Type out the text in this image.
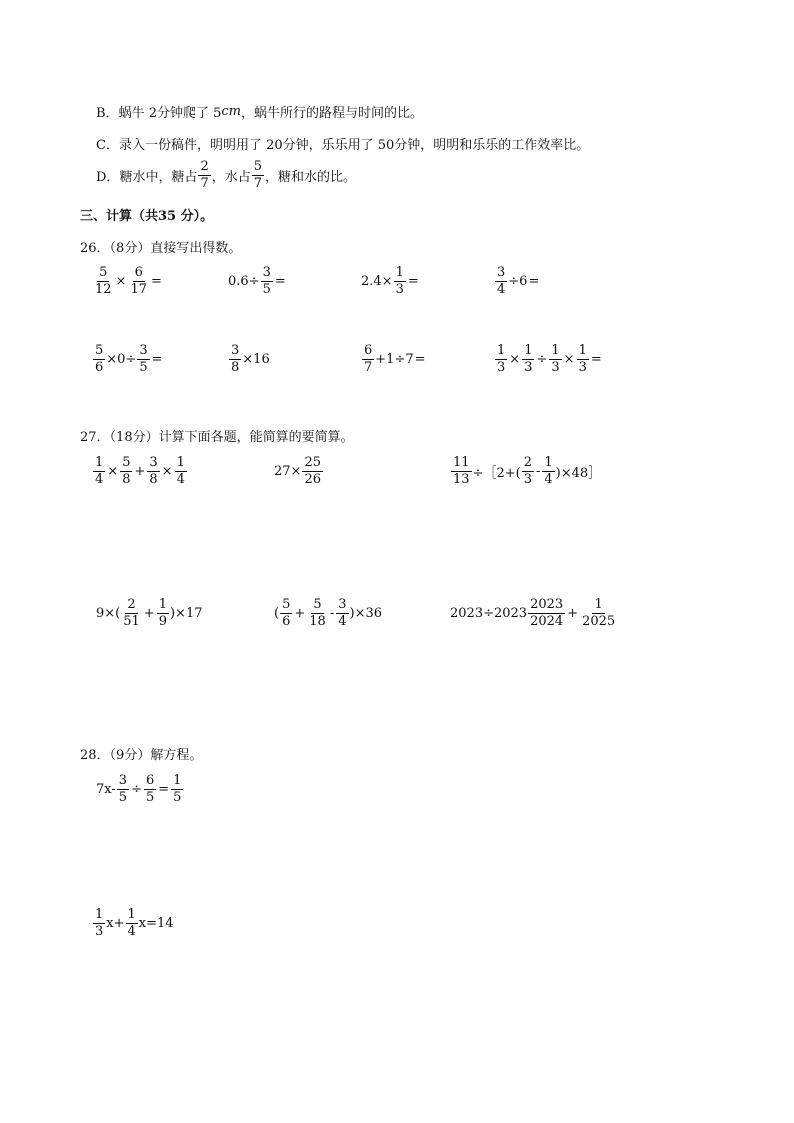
B． 蜗牛 2分钟爬了 5 cm ，蜗牛所行的路程与时间的比。
C． 录入一份稿件，明明用了 20分钟，乐乐用了 50分钟，明明和乐乐的工作效率比。
D． 糖水中，糖占 $\frac{2}{7}$ ，水占 $\frac{5}{7}$ ，糖和水的比。
三、计算（共35 分）。
26．（8分）直接写出得数。
$\frac{5}{12} \times \frac{6}{17}$ =	$0.6\div \frac{3}{5}$ =	$2.4\times \frac{1}{3}$ =	$\frac{3}{4} \div 6$ =
$\frac{5}{6} \times 0\div \frac{3}{5}$ =	$\frac{3}{8} \times 16$	$\frac{6}{7} +1\div 7$ =	$\frac{1}{3} \times \frac{1}{3} \div \frac{1}{3} \times \frac{1}{3}$ =
27．（18分）计算下面各题，能简算的要简算。
$\frac{1}{4} \times \frac{5}{8} + \frac{3}{8} \times \frac{1}{4}$	$27\times \frac{25}{26}$	$\frac{11}{13}$ ÷［2+( $\frac{2}{3} - \frac{1}{4}$ )×48］
$9\times( \frac{2}{51} + \frac{1}{9} )\times 17$	( $\frac{5}{6} + \frac{5}{18} - \frac{3}{4} )\times 36$	$2023\div 2023 \frac{2023}{2024} + \frac{1}{2025}$
28．（9分）解方程。
$7x- \frac{3}{5} \div \frac{6}{5} = \frac{1}{5}$
$\frac{1}{3} x+ \frac{1}{4} x=14$
